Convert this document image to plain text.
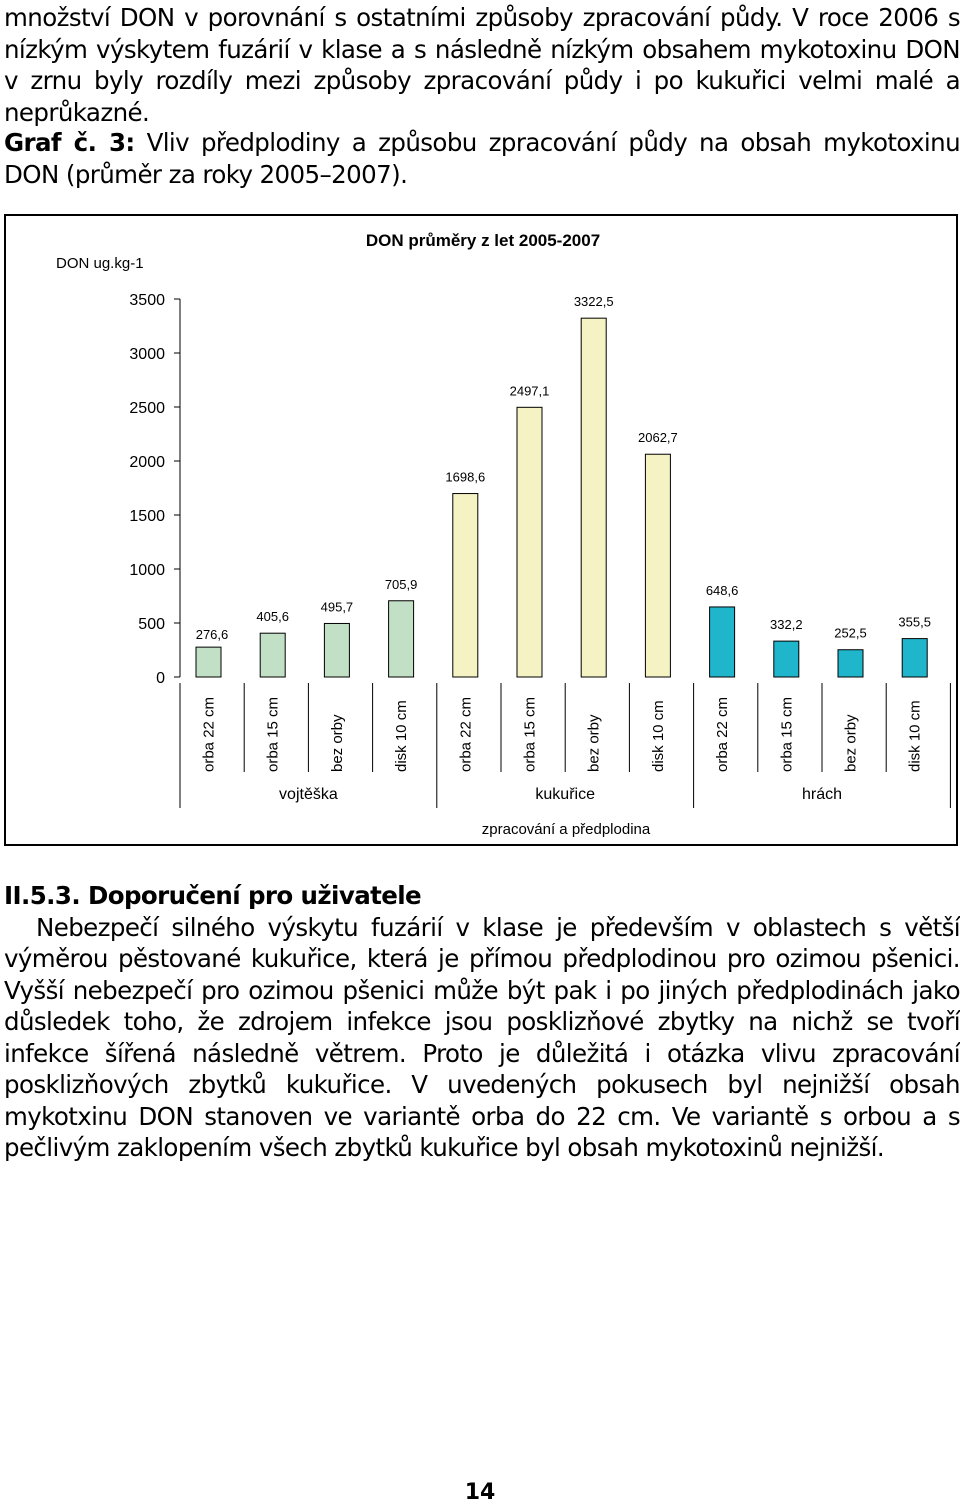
množství DON v porovnání s ostatními způsoby zpracování půdy. V roce 2006 s nízkým výskytem fuzárií v klase a s následně nízkým obsahem mykotoxinu DON v zrnu byly rozdíly mezi způsoby zpracování půdy i po kukuřici velmi malé a neprůkazné.

Graf č. 3: Vliv předplodiny a způsobu zpracování půdy na obsah mykotoxinu DON (průměr za roky 2005–2007).

DON průměry z let 2005-2007
DON ug.kg-1
zpracování a předplodina
0
500
1000
1500
2000
2500
3000
3500
276,6
405,6
495,7
705,9
1698,6
2497,1
3322,5
2062,7
648,6
332,2
252,5
355,5
orba 22 cm	orba 15 cm	bez orby	disk 10 cm	orba 22 cm	orba 15 cm	bez orby	disk 10 cm	orba 22 cm	orba 15 cm	bez orby	disk 10 cm
vojtěška	kukuřice	hrách
II.5.3. Doporučení pro uživatele
Nebezpečí silného výskytu fuzárií v klase je především v oblastech s větší výměrou pěstované kukuřice, která je přímou předplodinou pro ozimou pšenici. Vyšší nebezpečí pro ozimou pšenici může být pak i po jiných předplodinách jako důsledek toho, že zdrojem infekce jsou posklizňové zbytky na nichž se tvoří infekce šířená následně větrem. Proto je důležitá i otázka vlivu zpracování posklizňových zbytků kukuřice. V uvedených pokusech byl nejnižší obsah mykotxinu DON stanoven ve variantě orba do 22 cm. Ve variantě s orbou a s pečlivým zaklopením všech zbytků kukuřice byl obsah mykotoxinů nejnižší.
14
